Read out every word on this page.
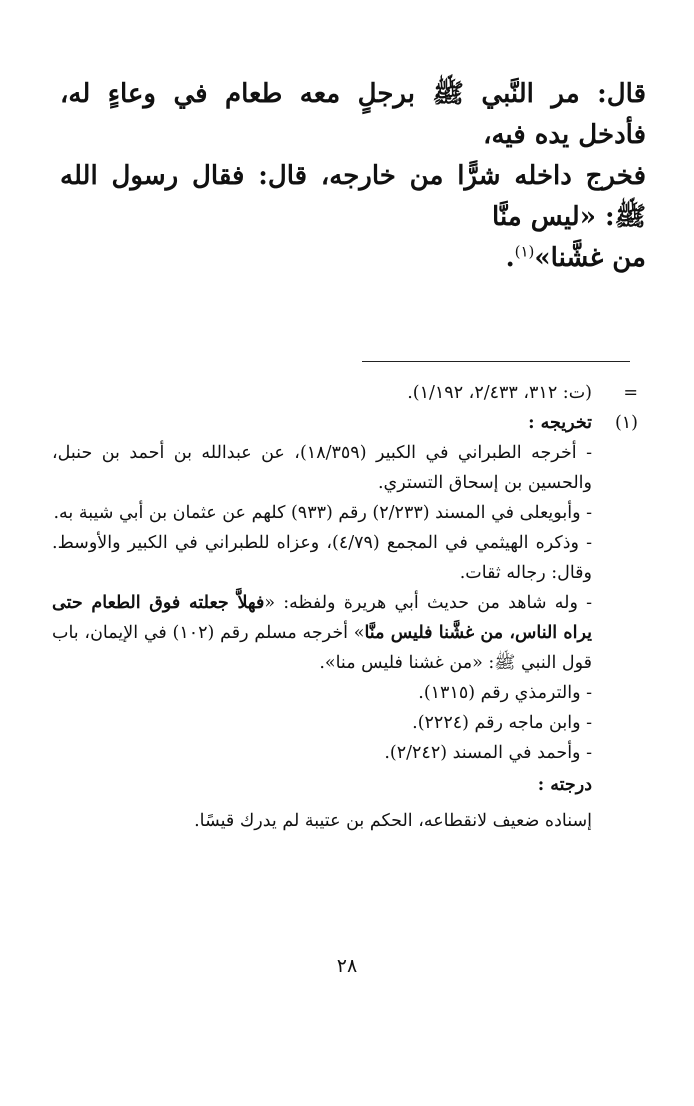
قال: مر النَّبي ﷺ برجلٍ معه طعام في وعاءٍ له، فأدخل يده فيه،

فخرج داخله شرًّا من خارجه، قال: فقال رسول الله ﷺ: «ليس منَّا

من غشَّنا»$^{(١)}$.

=
(ت: ٣١٢، ٢/٤٣٣، ١/١٩٢).

(١)
تخريجه :

- أخرجه الطبراني في الكبير (١٨/٣٥٩)، عن عبدالله بن أحمد بن حنبل، والحسين بن إسحاق التستري.

- وأبويعلى في المسند (٢/٢٣٣) رقم (٩٣٣) كلهم عن عثمان بن أبي شيبة به.

- وذكره الهيثمي في المجمع (٤/٧٩)، وعزاه للطبراني في الكبير والأوسط. وقال: رجاله ثقات.

- وله شاهد من حديث أبي هريرة ولفظه: «فهلاَّ جعلته فوق الطعام حتى يراه الناس، من غشَّنا فليس منَّا» أخرجه مسلم رقم (١٠٢) في الإيمان، باب قول النبي ﷺ: «من غشنا فليس منا».

- والترمذي رقم (١٣١٥).

- وابن ماجه رقم (٢٢٢٤).

- وأحمد في المسند (٢/٢٤٢).

درجته :

إسناده ضعيف لانقطاعه، الحكم بن عتيبة لم يدرك قيسًا.

٢٨
